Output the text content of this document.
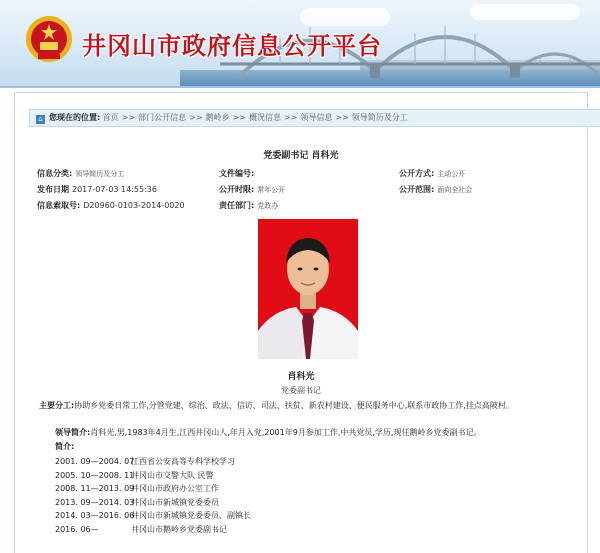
井冈山市政府信息公开平台
⌂ 您现在的位置: 首页 >> 部门公开信息 >> 鹅岭乡 >> 概况信息 >> 领导信息 >> 领导简历及分工
党委副书记 肖科光
信息分类: 领导简历及分工	文件编号:	公开方式: 主动公开
发布日期 2017-07-03 14:55:36	公开时限: 常年公开	公开范围: 面向全社会
信息索取号: D20960-0103-2014-0020	责任部门: 党政办
肖科光
党委副书记
主要分工:协助乡党委日常工作,分管党建、综治、政法、信访、司法、扶贫、新农村建设、便民服务中心,联系市政协工作,挂点高陂村。
领导简介:肖科光,男,1983年4月生,江西井冈山人,年月入党,2001年9月参加工作,中共党员,学历,现任鹅岭乡党委副书记。
简介:
2001. 09—2004. 07江西省公安高等专科学校学习
2005. 10—2008. 11井冈山市交警大队 民警
2008. 11—2013. 09井冈山市政府办公室工作
2013. 09—2014. 03井冈山市新城镇党委委员
2014. 03—2016. 06井冈山市新城镇党委委员、副镇长
2016. 06—	井冈山市鹅岭乡党委副书记
